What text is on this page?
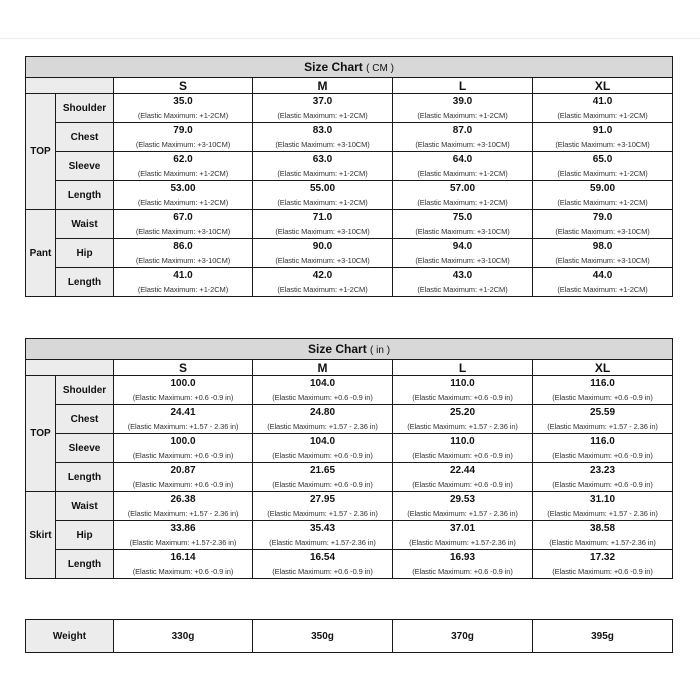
Size Chart ( CM )					
		S	M	L	XL
TOP	Shoulder	35.0	37.0	39.0	41.0
		(Elastic Maximum: +1-2CM)	(Elastic Maximum: +1-2CM)	(Elastic Maximum: +1-2CM)	(Elastic Maximum: +1-2CM)
	Chest	79.0	83.0	87.0	91.0
		(Elastic Maximum: +3-10CM)	(Elastic Maximum: +3-10CM)	(Elastic Maximum: +3-10CM)	(Elastic Maximum: +3-10CM)
	Sleeve	62.0	63.0	64.0	65.0
		(Elastic Maximum: +1-2CM)	(Elastic Maximum: +1-2CM)	(Elastic Maximum: +1-2CM)	(Elastic Maximum: +1-2CM)
	Length	53.00	55.00	57.00	59.00
		(Elastic Maximum: +1-2CM)	(Elastic Maximum: +1-2CM)	(Elastic Maximum: +1-2CM)	(Elastic Maximum: +1-2CM)
Pant	Waist	67.0	71.0	75.0	79.0
		(Elastic Maximum: +3-10CM)	(Elastic Maximum: +3-10CM)	(Elastic Maximum: +3-10CM)	(Elastic Maximum: +3-10CM)
	Hip	86.0	90.0	94.0	98.0
		(Elastic Maximum: +3-10CM)	(Elastic Maximum: +3-10CM)	(Elastic Maximum: +3-10CM)	(Elastic Maximum: +3-10CM)
	Length	41.0	42.0	43.0	44.0
		(Elastic Maximum: +1-2CM)	(Elastic Maximum: +1-2CM)	(Elastic Maximum: +1-2CM)	(Elastic Maximum: +1-2CM)
Size Chart ( in )					
		S	M	L	XL
TOP	Shoulder	100.0	104.0	110.0	116.0
		(Elastic Maximum: +0.6 -0.9 in)	(Elastic Maximum: +0.6 -0.9 in)	(Elastic Maximum: +0.6 -0.9 in)	(Elastic Maximum: +0.6 -0.9 in)
	Chest	24.41	24.80	25.20	25.59
		(Elastic Maximum: +1.57 - 2.36 in)	(Elastic Maximum: +1.57 - 2.36 in)	(Elastic Maximum: +1.57 - 2.36 in)	(Elastic Maximum: +1.57 - 2.36 in)
	Sleeve	100.0	104.0	110.0	116.0
		(Elastic Maximum: +0.6 -0.9 in)	(Elastic Maximum: +0.6 -0.9 in)	(Elastic Maximum: +0.6 -0.9 in)	(Elastic Maximum: +0.6 -0.9 in)
	Length	20.87	21.65	22.44	23.23
		(Elastic Maximum: +0.6 -0.9 in)	(Elastic Maximum: +0.6 -0.9 in)	(Elastic Maximum: +0.6 -0.9 in)	(Elastic Maximum: +0.6 -0.9 in)
Skirt	Waist	26.38	27.95	29.53	31.10
		(Elastic Maximum: +1.57 - 2.36 in)	(Elastic Maximum: +1.57 - 2.36 in)	(Elastic Maximum: +1.57 - 2.36 in)	(Elastic Maximum: +1.57 - 2.36 in)
	Hip	33.86	35.43	37.01	38.58
		(Elastic Maximum: +1.57-2.36 in)	(Elastic Maximum: +1.57-2.36 in)	(Elastic Maximum: +1.57-2.36 in)	(Elastic Maximum: +1.57-2.36 in)
	Length	16.14	16.54	16.93	17.32
		(Elastic Maximum: +0.6 -0.9 in)	(Elastic Maximum: +0.6 -0.9 in)	(Elastic Maximum: +0.6 -0.9 in)	(Elastic Maximum: +0.6 -0.9 in)
Weight	330g	350g	370g	395g
